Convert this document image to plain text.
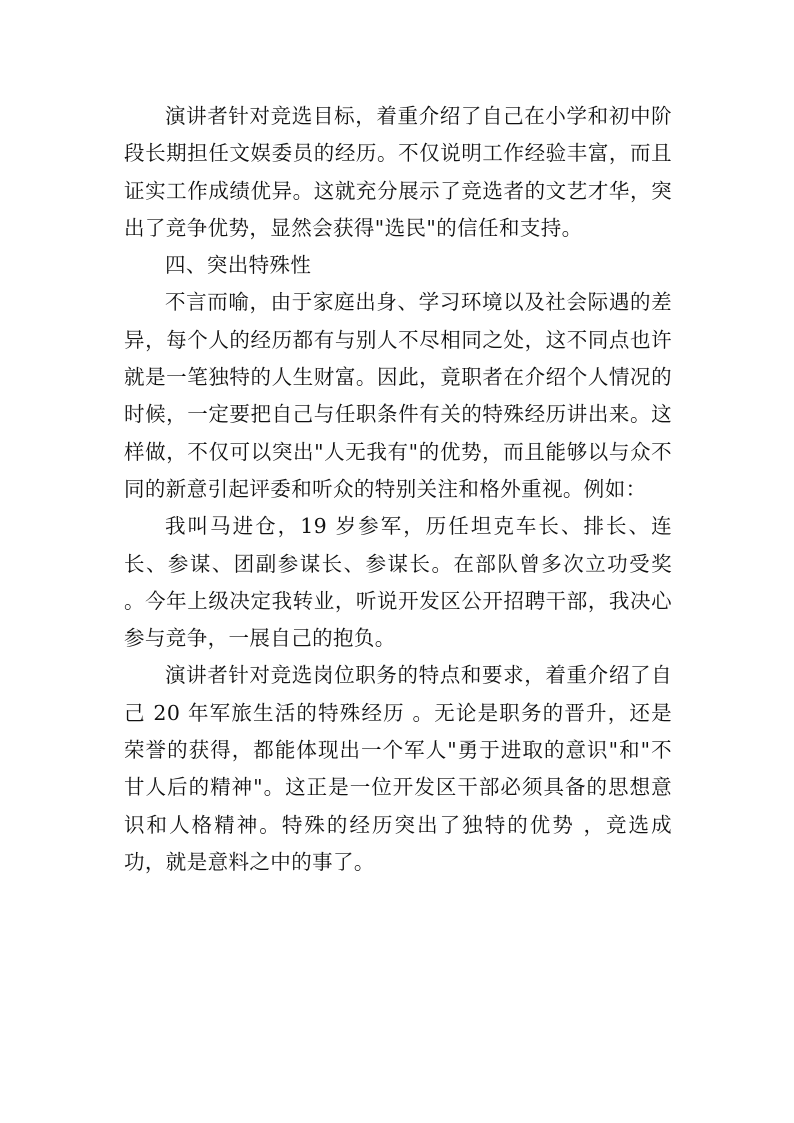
演讲者针对竞选目标，着重介绍了自己在小学和初中阶段长期担任文娱委员的经历。不仅说明工作经验丰富，而且证实工作成绩优异。这就充分展示了竞选者的文艺才华，突出了竞争优势，显然会获得"选民"的信任和支持。

四、突出特殊性

不言而喻，由于家庭出身、学习环境以及社会际遇的差异，每个人的经历都有与别人不尽相同之处，这不同点也许就是一笔独特的人生财富。因此，竟职者在介绍个人情况的时候，一定要把自己与任职条件有关的特殊经历讲出来。这样做，不仅可以突出"人无我有"的优势，而且能够以与众不同的新意引起评委和听众的特别关注和格外重视。例如：

我叫马进仓，19 岁参军，历任坦克车长、排长、连长、参谋、团副参谋长、参谋长。在部队曾多次立功受奖 。今年上级决定我转业，听说开发区公开招聘干部，我决心参与竞争，一展自己的抱负。

演讲者针对竞选岗位职务的特点和要求，着重介绍了自己 20 年军旅生活的特殊经历 。无论是职务的晋升，还是荣誉的获得，都能体现出一个军人"勇于进取的意识"和"不甘人后的精神"。这正是一位开发区干部必须具备的思想意识和人格精神。特殊的经历突出了独特的优势 ，竞选成功，就是意料之中的事了。
